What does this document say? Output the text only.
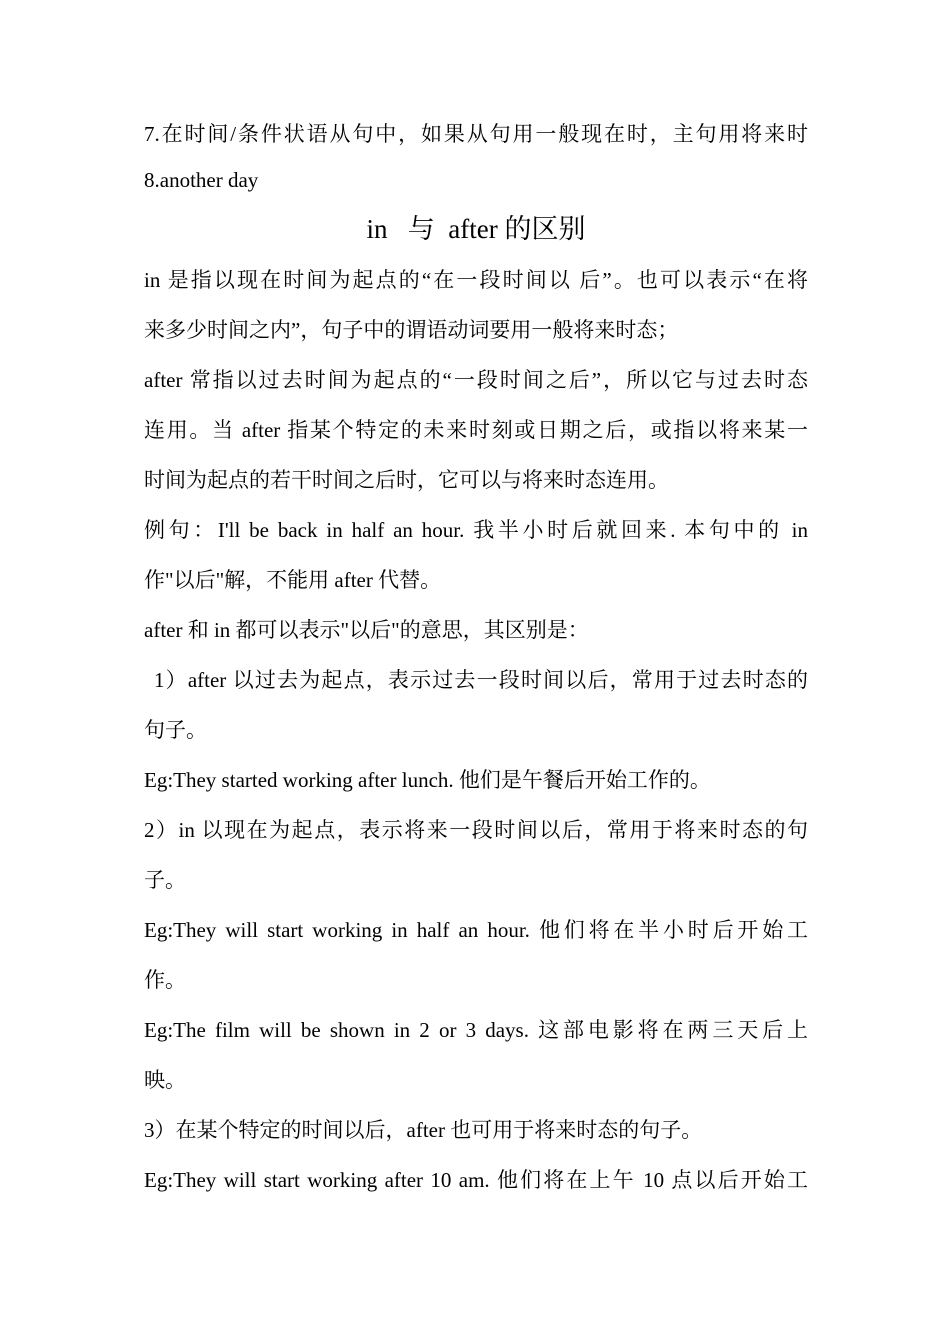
7.在时间/条件状语从句中，如果从句用一般现在时，主句用将来时
8.another day
in   与  after 的区别
in 是指以现在时间为起点的“在一段时间以 后”。也可以表示“在将
来多少时间之内”，句子中的谓语动词要用一般将来时态；
after 常指以过去时间为起点的“一段时间之后”，所以它与过去时态
连用。当 after 指某个特定的未来时刻或日期之后，或指以将来某一
时间为起点的若干时间之后时，它可以与将来时态连用。
例句：I'll be back in half an hour. 我半小时后就回来. 本句中的 in
作"以后"解，不能用 after 代替。
after 和 in 都可以表示"以后"的意思，其区别是：
1）after 以过去为起点，表示过去一段时间以后，常用于过去时态的
句子。
Eg:They started working after lunch. 他们是午餐后开始工作的。
2）in 以现在为起点，表示将来一段时间以后，常用于将来时态的句
子。
Eg:They will start working in half an hour. 他们将在半小时后开始工
作。
Eg:The film will be shown in 2 or 3 days. 这部电影将在两三天后上
映。
3）在某个特定的时间以后，after 也可用于将来时态的句子。
Eg:They will start working after 10 am. 他们将在上午 10 点以后开始工
